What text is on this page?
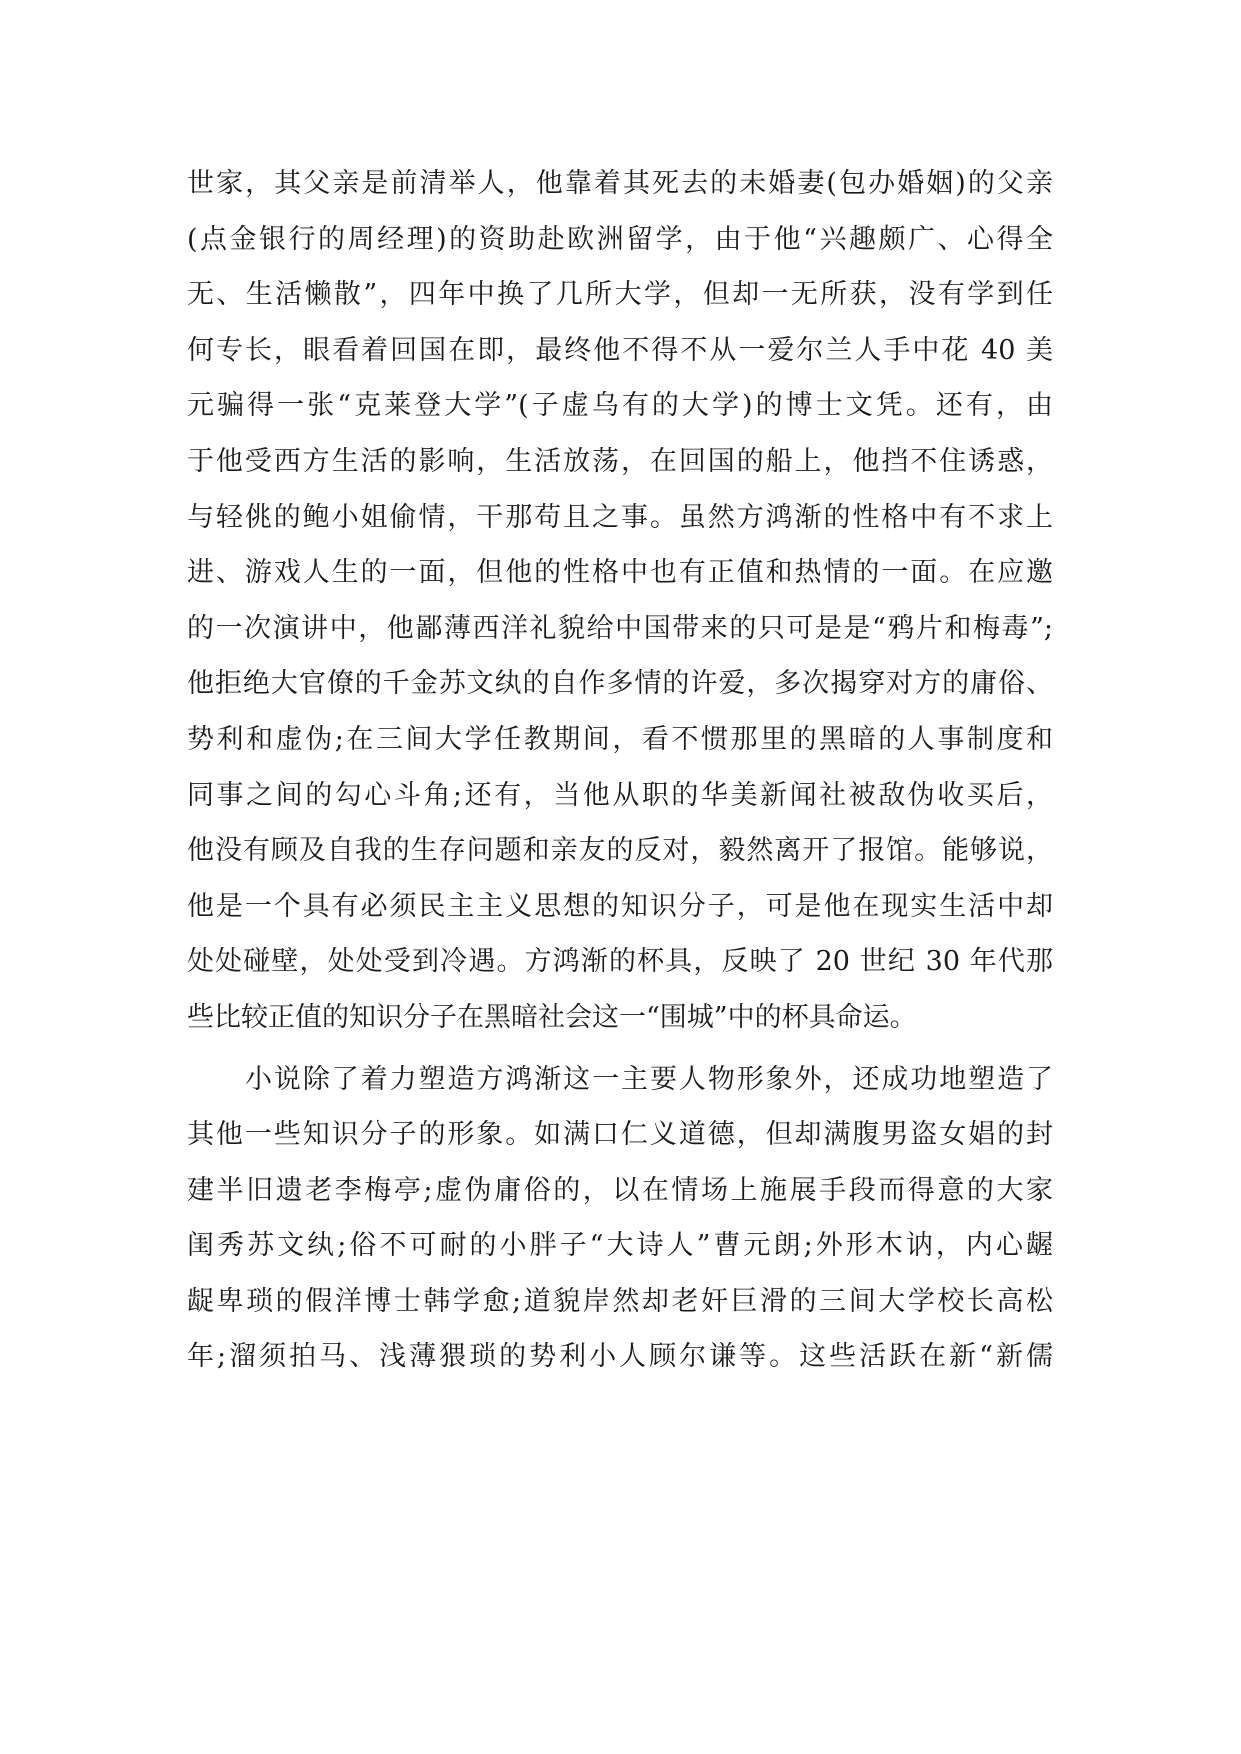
世家，其父亲是前清举人，他靠着其死去的未婚妻(包办婚姻)的父亲
(点金银行的周经理)的资助赴欧洲留学，由于他“兴趣颇广、心得全
无、生活懒散”，四年中换了几所大学，但却一无所获，没有学到任
何专长，眼看着回国在即，最终他不得不从一爱尔兰人手中花 40 美
元骗得一张“克莱登大学”(子虚乌有的大学)的博士文凭。还有，由
于他受西方生活的影响，生活放荡，在回国的船上，他挡不住诱惑，
与轻佻的鲍小姐偷情，干那苟且之事。虽然方鸿渐的性格中有不求上
进、游戏人生的一面，但他的性格中也有正值和热情的一面。在应邀
的一次演讲中，他鄙薄西洋礼貌给中国带来的只可是是“鸦片和梅毒”;
他拒绝大官僚的千金苏文纨的自作多情的许爱，多次揭穿对方的庸俗、
势利和虚伪;在三间大学任教期间，看不惯那里的黑暗的人事制度和
同事之间的勾心斗角;还有，当他从职的华美新闻社被敌伪收买后，
他没有顾及自我的生存问题和亲友的反对，毅然离开了报馆。能够说，
他是一个具有必须民主主义思想的知识分子，可是他在现实生活中却
处处碰壁，处处受到冷遇。方鸿渐的杯具，反映了 20 世纪 30 年代那
些比较正值的知识分子在黑暗社会这一“围城”中的杯具命运。
小说除了着力塑造方鸿渐这一主要人物形象外，还成功地塑造了
其他一些知识分子的形象。如满口仁义道德，但却满腹男盗女娼的封
建半旧遗老李梅亭;虚伪庸俗的，以在情场上施展手段而得意的大家
闺秀苏文纨;俗不可耐的小胖子“大诗人”曹元朗;外形木讷，内心龌
龊卑琐的假洋博士韩学愈;道貌岸然却老奸巨滑的三间大学校长高松
年;溜须拍马、浅薄猥琐的势利小人顾尔谦等。这些活跃在新“新儒
